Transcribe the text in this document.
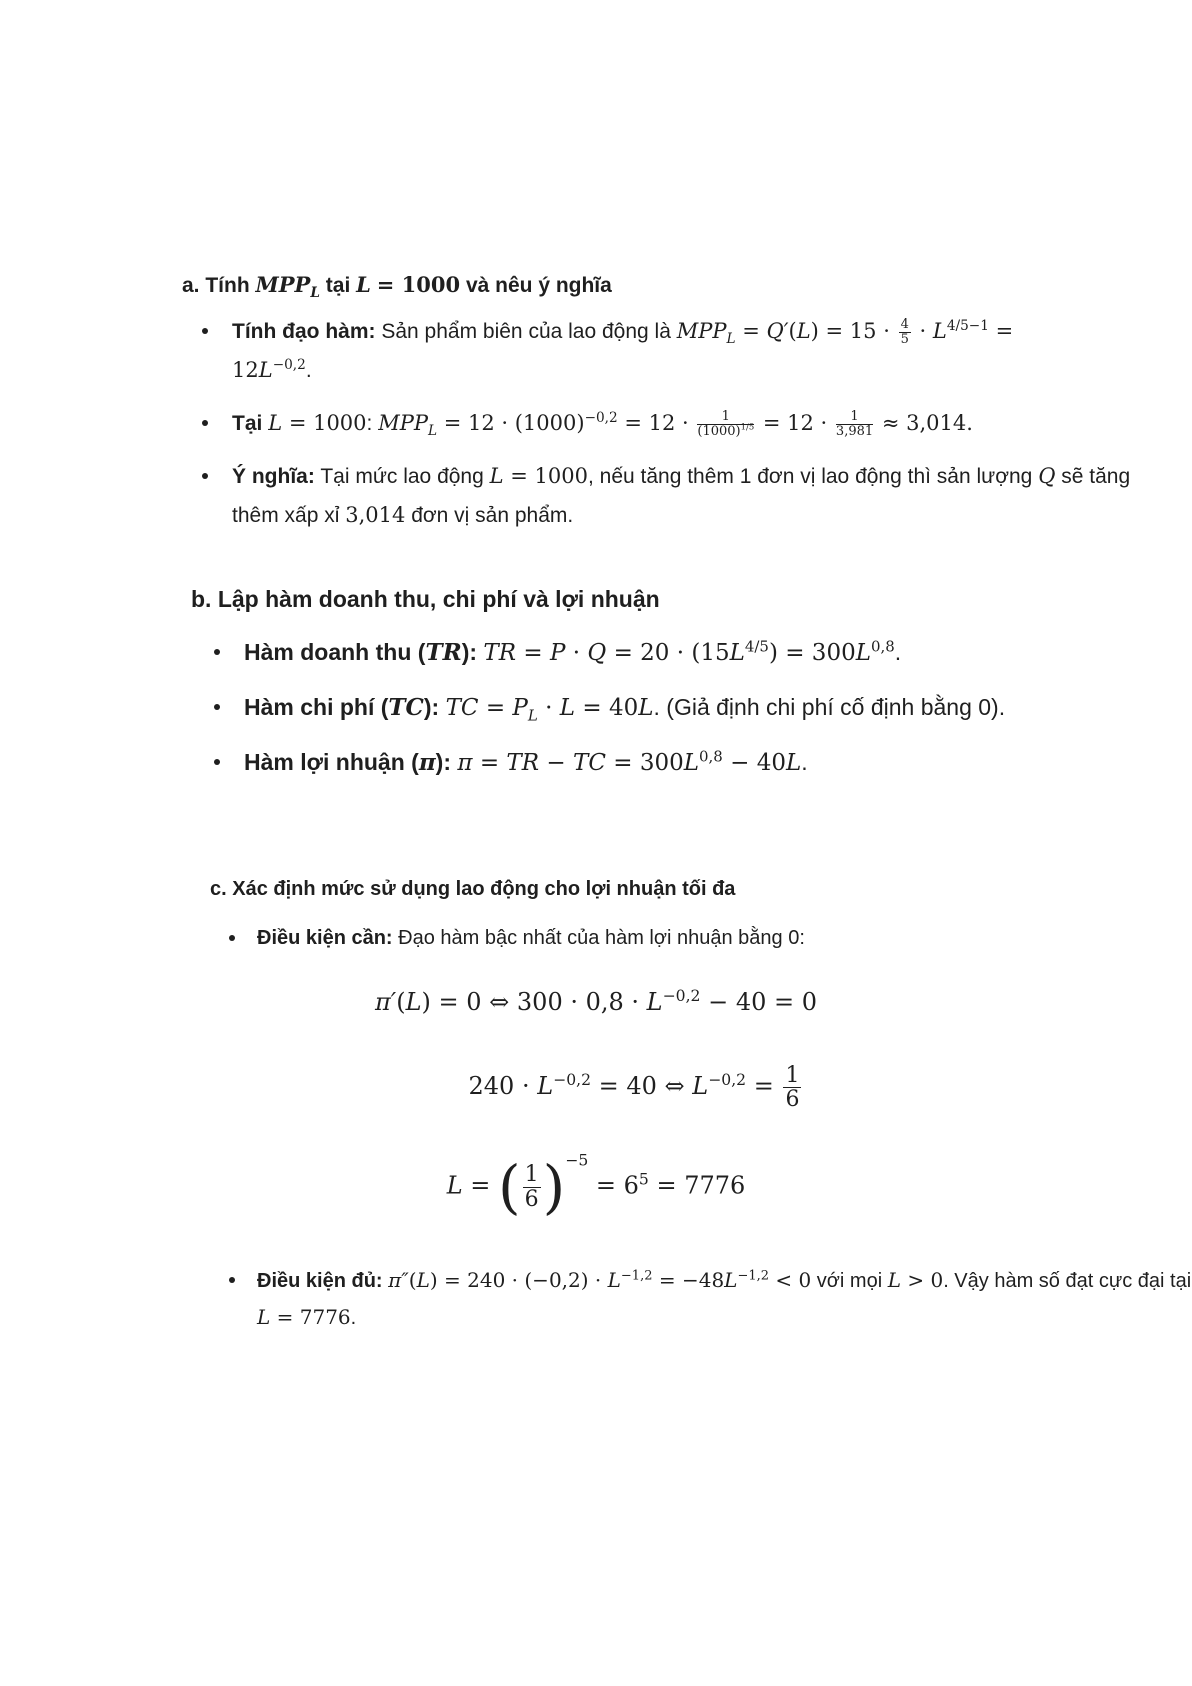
a. Tính $MPP_L$ tại L = 1000 và nêu ý nghĩa

Tính đạo hàm: Sản phẩm biên của lao động là $MPP_L = Q'(L) = 15 \cdot \frac{4}{5} \cdot L^{4/5-1}$ =
$12L^{-0,2}$.
Tại L = 1000: $MPP_L = 12 \cdot (1000)^{-0,2} = 12 \cdot \frac{1}{(1000)^{1/5}} = 12 \cdot \frac{1}{3,981} \approx 3,014$.
Ý nghĩa: Tại mức lao động L = 1000, nếu tăng thêm 1 đơn vị lao động thì sản lượng Q sẽ tăng thêm xấp xỉ 3,014 đơn vị sản phẩm.

b. Lập hàm doanh thu, chi phí và lợi nhuận

Hàm doanh thu (TR): TR = $P \cdot Q = 20 \cdot (15L^{4/5}) = 300L^{0,8}$.
Hàm chi phí (TC): TC = $P_L \cdot L = 40L$. (Giả định chi phí cố định bằng 0).
Hàm lợi nhuận (π): π = TR − TC = $300L^{0,8} - 40L$.

c. Xác định mức sử dụng lao động cho lợi nhuận tối đa

Điều kiện cần: Đạo hàm bậc nhất của hàm lợi nhuận bằng 0:
π′(L) = 0 ⇔ $300 \cdot 0,8 \cdot L^{-0,2} - 40 = 0$
$240 \cdot L^{-0,2} = 40$ ⇔ $L^{-0,2} = \frac{1}{6}$
L = ( $\frac{1}{6} )^{-5} = 6^5 = 7776$
Điều kiện đủ: $\pi''(L) = 240 \cdot (-0,2) \cdot L^{-1,2} = -48L^{-1,2} < 0$ với mọi L > 0. Vậy hàm số đạt cực đại tại L = 7776.
